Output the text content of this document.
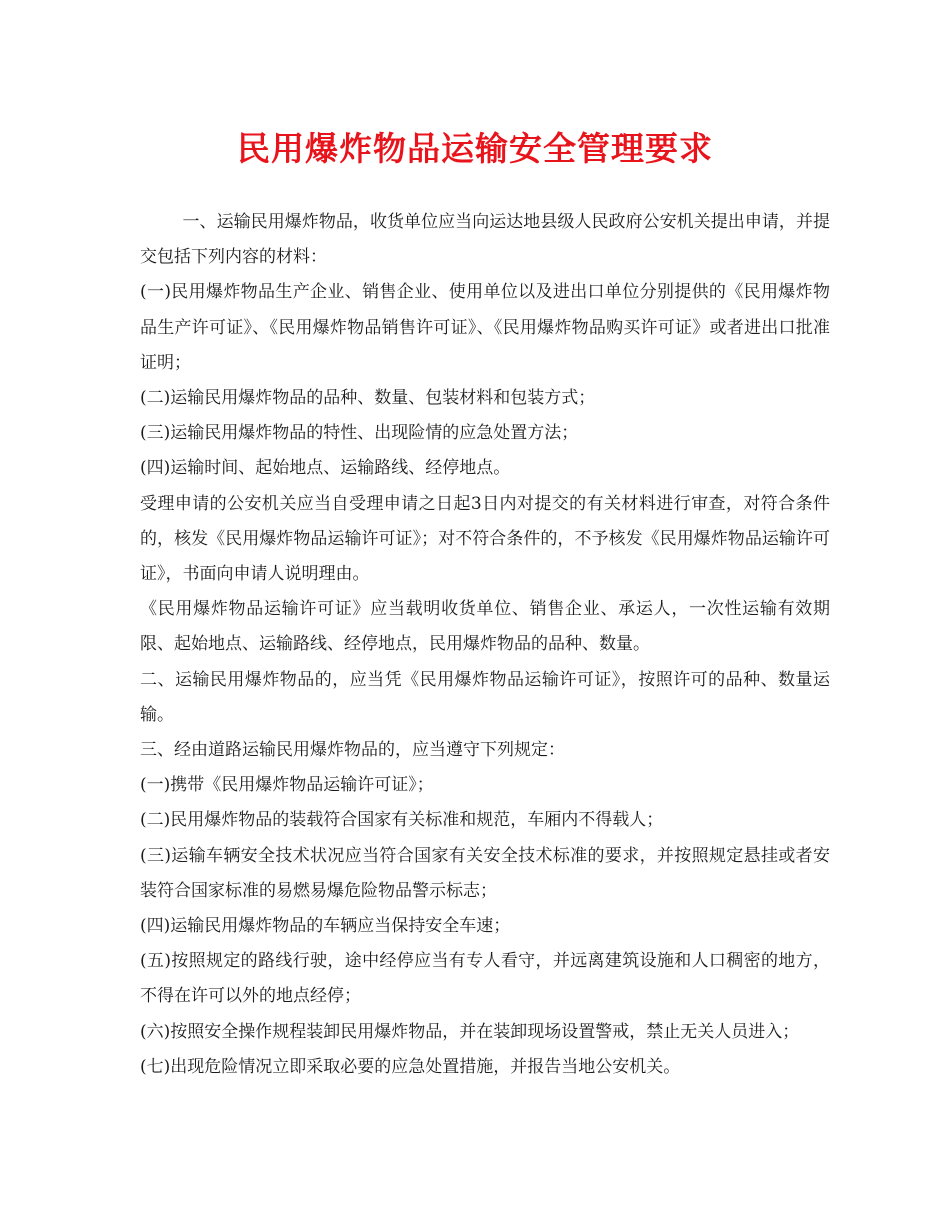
民用爆炸物品运输安全管理要求

一、运输民用爆炸物品，收货单位应当向运达地县级人民政府公安机关提出申请，并提交包括下列内容的材料：

(一)民用爆炸物品生产企业、销售企业、使用单位以及进出口单位分别提供的《民用爆炸物品生产许可证》、《民用爆炸物品销售许可证》、《民用爆炸物品购买许可证》或者进出口批准证明；

(二)运输民用爆炸物品的品种、数量、包装材料和包装方式；

(三)运输民用爆炸物品的特性、出现险情的应急处置方法；

(四)运输时间、起始地点、运输路线、经停地点。

受理申请的公安机关应当自受理申请之日起3日内对提交的有关材料进行审查，对符合条件的，核发《民用爆炸物品运输许可证》；对不符合条件的，不予核发《民用爆炸物品运输许可证》，书面向申请人说明理由。

《民用爆炸物品运输许可证》应当载明收货单位、销售企业、承运人，一次性运输有效期限、起始地点、运输路线、经停地点，民用爆炸物品的品种、数量。

二、运输民用爆炸物品的，应当凭《民用爆炸物品运输许可证》，按照许可的品种、数量运输。

三、经由道路运输民用爆炸物品的，应当遵守下列规定：

(一)携带《民用爆炸物品运输许可证》；

(二)民用爆炸物品的装载符合国家有关标准和规范，车厢内不得载人；

(三)运输车辆安全技术状况应当符合国家有关安全技术标准的要求，并按照规定悬挂或者安装符合国家标准的易燃易爆危险物品警示标志；

(四)运输民用爆炸物品的车辆应当保持安全车速；

(五)按照规定的路线行驶，途中经停应当有专人看守，并远离建筑设施和人口稠密的地方，不得在许可以外的地点经停；

(六)按照安全操作规程装卸民用爆炸物品，并在装卸现场设置警戒，禁止无关人员进入；

(七)出现危险情况立即采取必要的应急处置措施，并报告当地公安机关。
